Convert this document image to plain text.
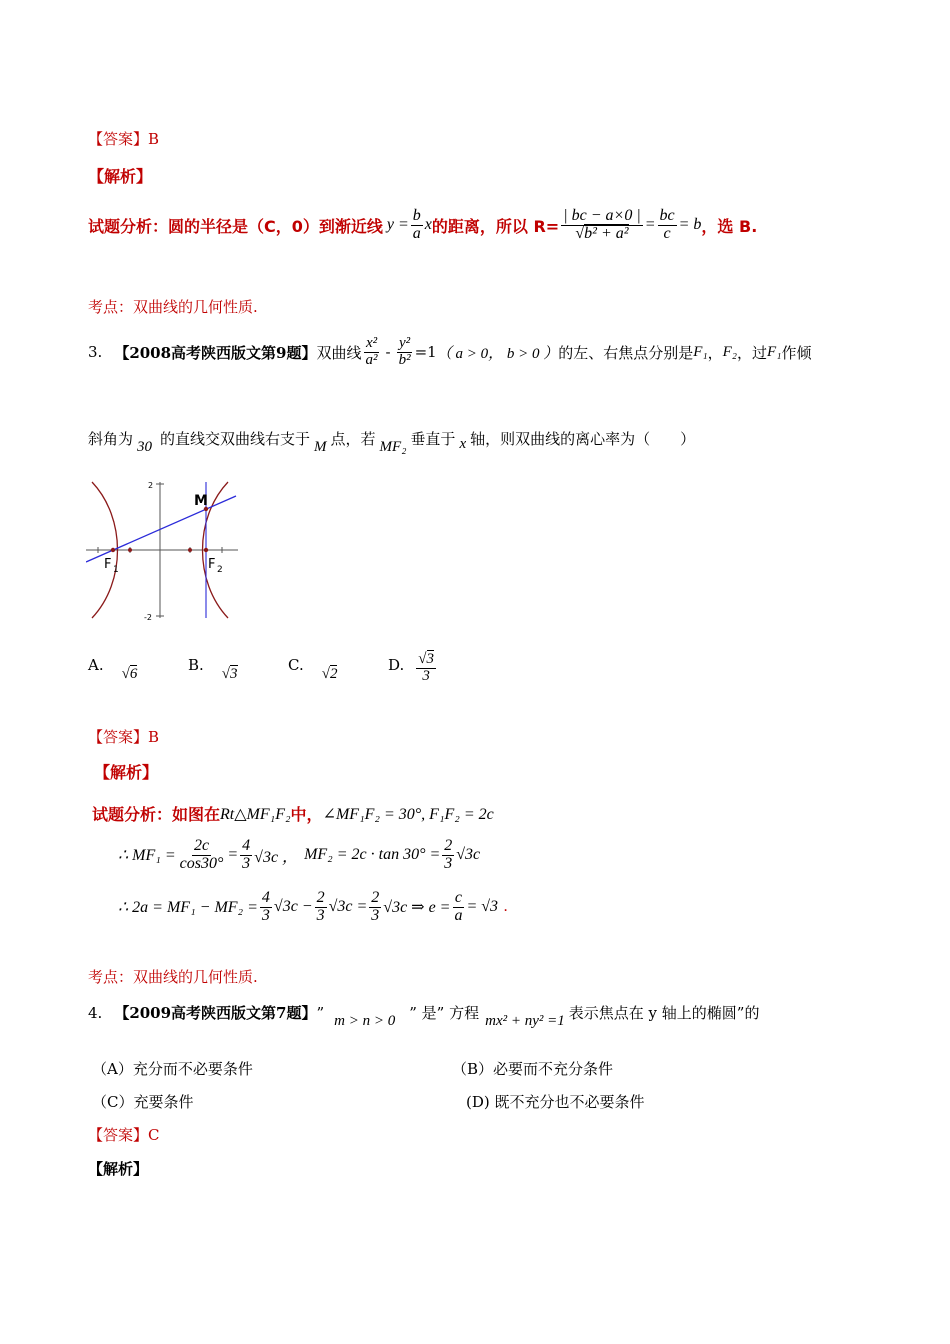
【答案】B
【解析】
试题分析：圆的半径是（C，0）到渐近线 $y = \frac{b}{a}$ x 的距离，所以 $R= \frac{| bc - a\times 0 |}{\text{√b² + a²}} = \frac{bc}{c} = b$ ，选 B.
考点：双曲线的几何性质.
3. 【2008高考陕西版文第9题】 双曲线 $\frac{\text{x²}}{\text{a²}} - \frac{\text{y²}}{\text{b²}} =1$ （ a > 0， b > 0 ） 的左、右焦点分别是 F₁ ， F₂ ，过 F₁ 作倾
斜角为 30 的直线交双曲线右支于 M 点，若 MF₂ 垂直于 x 轴，则双曲线的离心率为（　　）
2
-2
M
F 1	F 2
A. √6	B. √3	C. √2	D. $\frac{√3}{3}$
【答案】B
【解析】
试题分析：如图在 Rt△MF₁F₂ 中， ∠MF₁F₂ = 30°, F₁F₂ = 2c
∴ $MF_1 = \frac{2c}{\cos 30^\circ} = \frac{4}{3} √3c$ ， $MF_2 = 2c \cdot \tan 30^\circ = \frac{2}{3} √3c$
∴ $2a = MF_1 - MF_2 = \frac{4}{3} √3c - \frac{2}{3} √3c = \frac{2}{3} √3c$ ⇒ $e = \frac{c}{a} = √3$ .
考点：双曲线的几何性质.
4. 【2009高考陕西版文第7题】 ” m > n > 0 ” 是” 方程 mx² + ny² =1 表示焦点在 y 轴上的椭圆”的
（A）充分而不必要条件	（B）必要而不充分条件
（C）充要条件	(D) 既不充分也不必要条件
【答案】C
【解析】
